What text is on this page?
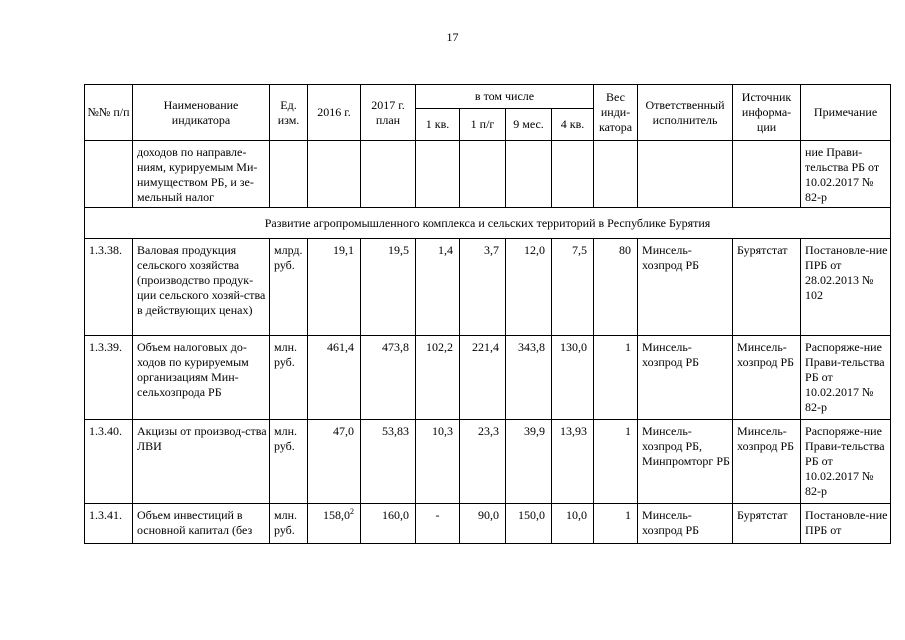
17
№№ п/п	Наименование индикатора	Ед. изм.	2016 г.	2017 г. план	в том числе				Вес инди-катора	Ответственный исполнитель	Источник информа-ции	Примечание
					1 кв.	1 п/г	9 мес.	4 кв.				
	доходов по направле-ниям, курируемым Ми-нимуществом РБ, и зе-мельный налог											ние Прави-тельства РБ от 10.02.2017 № 82-р
Развитие агропромышленного комплекса и сельских территорий в Республике Бурятия												
1.3.38.	Валовая продукция сельского хозяйства (производство продук-ции сельского хозяй-ства в действующих ценах)	млрд. руб.	19,1	19,5	1,4	3,7	12,0	7,5	80	Минсель-хозпрод РБ	Бурятстат	Постановле-ние ПРБ от 28.02.2013 № 102
1.3.39.	Объем налоговых до-ходов по курируемым организациям Мин-сельхозпрода РБ	млн. руб.	461,4	473,8	102,2	221,4	343,8	130,0	1	Минсель-хозпрод РБ	Минсель-хозпрод РБ	Распоряже-ние Прави-тельства РБ от 10.02.2017 № 82-р
1.3.40.	Акцизы от производ-ства ЛВИ	млн. руб.	47,0	53,83	10,3	23,3	39,9	13,93	1	Минсель-хозпрод РБ, Минпромторг РБ	Минсель-хозпрод РБ	Распоряже-ние Прави-тельства РБ от 10.02.2017 № 82-р
1.3.41.	Объем инвестиций в основной капитал (без	млн. руб.	158,0$^2$	160,0	-	90,0	150,0	10,0	1	Минсель-хозпрод РБ	Бурятстат	Постановле-ние ПРБ от
